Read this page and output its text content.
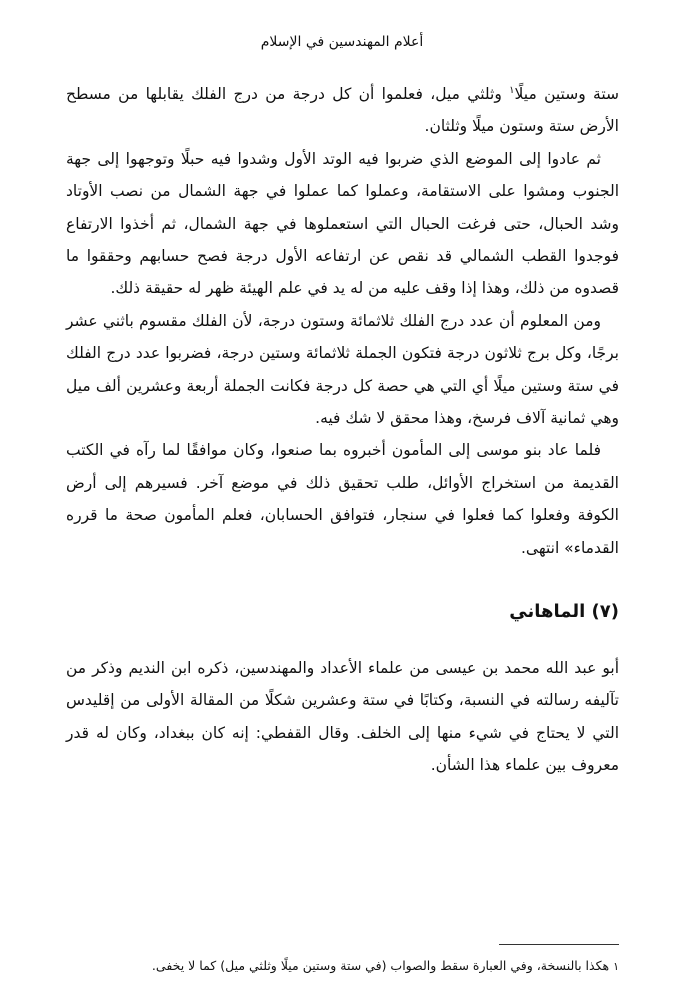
أعلام المهندسين في الإسلام

ستة وستين ميلًا$^١$ وثلثي ميل، فعلموا أن كل درجة من درج الفلك يقابلها من مسطح الأرض ستة وستون ميلًا وثلثان.

ثم عادوا إلى الموضع الذي ضربوا فيه الوتد الأول وشدوا فيه حبلًا وتوجهوا إلى جهة الجنوب ومشوا على الاستقامة، وعملوا كما عملوا في جهة الشمال من نصب الأوتاد وشد الحبال، حتى فرغت الحبال التي استعملوها في جهة الشمال، ثم أخذوا الارتفاع فوجدوا القطب الشمالي قد نقص عن ارتفاعه الأول درجة فصح حسابهم وحققوا ما قصدوه من ذلك، وهذا إذا وقف عليه من له يد في علم الهيئة ظهر له حقيقة ذلك.

ومن المعلوم أن عدد درج الفلك ثلاثمائة وستون درجة، لأن الفلك مقسوم باثني عشر برجًا، وكل برج ثلاثون درجة فتكون الجملة ثلاثمائة وستين درجة، فضربوا عدد درج الفلك في ستة وستين ميلًا أي التي هي حصة كل درجة فكانت الجملة أربعة وعشرين ألف ميل وهي ثمانية آلاف فرسخ، وهذا محقق لا شك فيه.

فلما عاد بنو موسى إلى المأمون أخبروه بما صنعوا، وكان موافقًا لما رآه في الكتب القديمة من استخراج الأوائل، طلب تحقيق ذلك في موضع آخر. فسيرهم إلى أرض الكوفة وفعلوا كما فعلوا في سنجار، فتوافق الحسابان، فعلم المأمون صحة ما قرره القدماء» انتهى.

(٧) الماهاني
أبو عبد الله محمد بن عيسى من علماء الأعداد والمهندسين، ذكره ابن النديم وذكر من تآليفه رسالته في النسبة، وكتابًا في ستة وعشرين شكلًا من المقالة الأولى من إقليدس التي لا يحتاج في شيء منها إلى الخلف. وقال القفطي: إنه كان ببغداد، وكان له قدر معروف بين علماء هذا الشأن.
١هكذا بالنسخة، وفي العبارة سقط والصواب (في ستة وستين ميلًا وثلثي ميل) كما لا يخفى.
